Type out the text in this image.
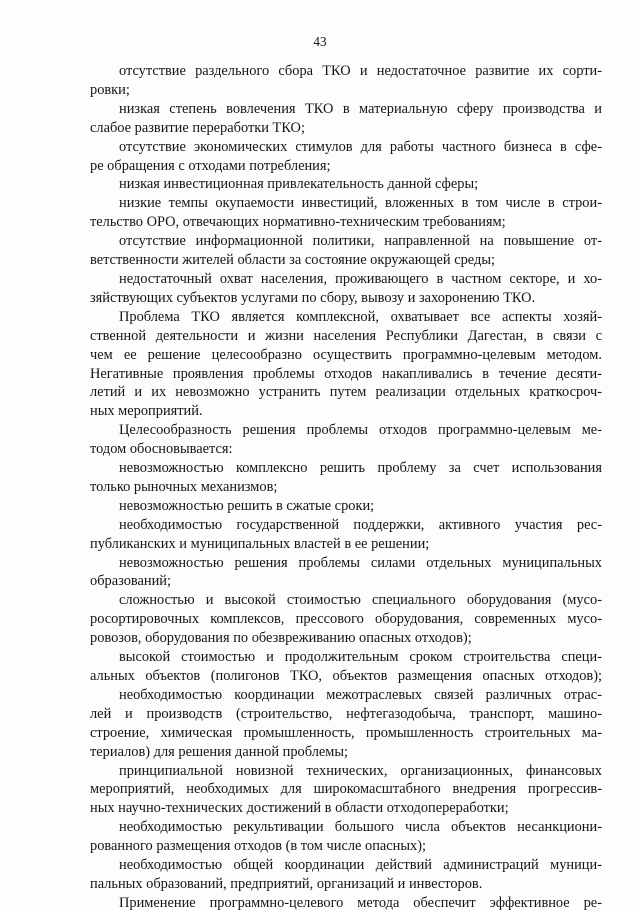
43
отсутствие раздельного сбора ТКО и недостаточное развитие их сорти-
ровки;
низкая степень вовлечения ТКО в материальную сферу производства и
слабое развитие переработки ТКО;
отсутствие экономических стимулов для работы частного бизнеса в сфе-
ре обращения с отходами потребления;
низкая инвестиционная привлекательность данной сферы;
низкие темпы окупаемости инвестиций, вложенных в том числе в строи-
тельство ОРО, отвечающих нормативно-техническим требованиям;
отсутствие информационной политики, направленной на повышение от-
ветственности жителей области за состояние окружающей среды;
недостаточный охват населения, проживающего в частном секторе, и хо-
зяйствующих субъектов услугами по сбору, вывозу и захоронению ТКО.
Проблема ТКО является комплексной, охватывает все аспекты хозяй-
ственной деятельности и жизни населения Республики Дагестан, в связи с
чем ее решение целесообразно осуществить программно-целевым методом.
Негативные проявления проблемы отходов накапливались в течение десяти-
летий и их невозможно устранить путем реализации отдельных краткосроч-
ных мероприятий.
Целесообразность решения проблемы отходов программно-целевым ме-
тодом обосновывается:
невозможностью комплексно решить проблему за счет использования
только рыночных механизмов;
невозможностью решить в сжатые сроки;
необходимостью государственной поддержки, активного участия рес-
публиканских и муниципальных властей в ее решении;
невозможностью решения проблемы силами отдельных муниципальных
образований;
сложностью и высокой стоимостью специального оборудования (мусо-
росортировочных комплексов, прессового оборудования, современных мусо-
ровозов, оборудования по обезвреживанию опасных отходов);
высокой стоимостью и продолжительным сроком строительства специ-
альных объектов (полигонов ТКО, объектов размещения опасных отходов);
необходимостью координации межотраслевых связей различных отрас-
лей и производств (строительство, нефтегазодобыча, транспорт, машино-
строение, химическая промышленность, промышленность строительных ма-
териалов) для решения данной проблемы;
принципиальной новизной технических, организационных, финансовых
мероприятий, необходимых для широкомасштабного внедрения прогрессив-
ных научно-технических достижений в области отходопереработки;
необходимостью рекультивации большого числа объектов несанкциони-
рованного размещения отходов (в том числе опасных);
необходимостью общей координации действий администраций муници-
пальных образований, предприятий, организаций и инвесторов.
Применение программно-целевого метода обеспечит эффективное ре-
